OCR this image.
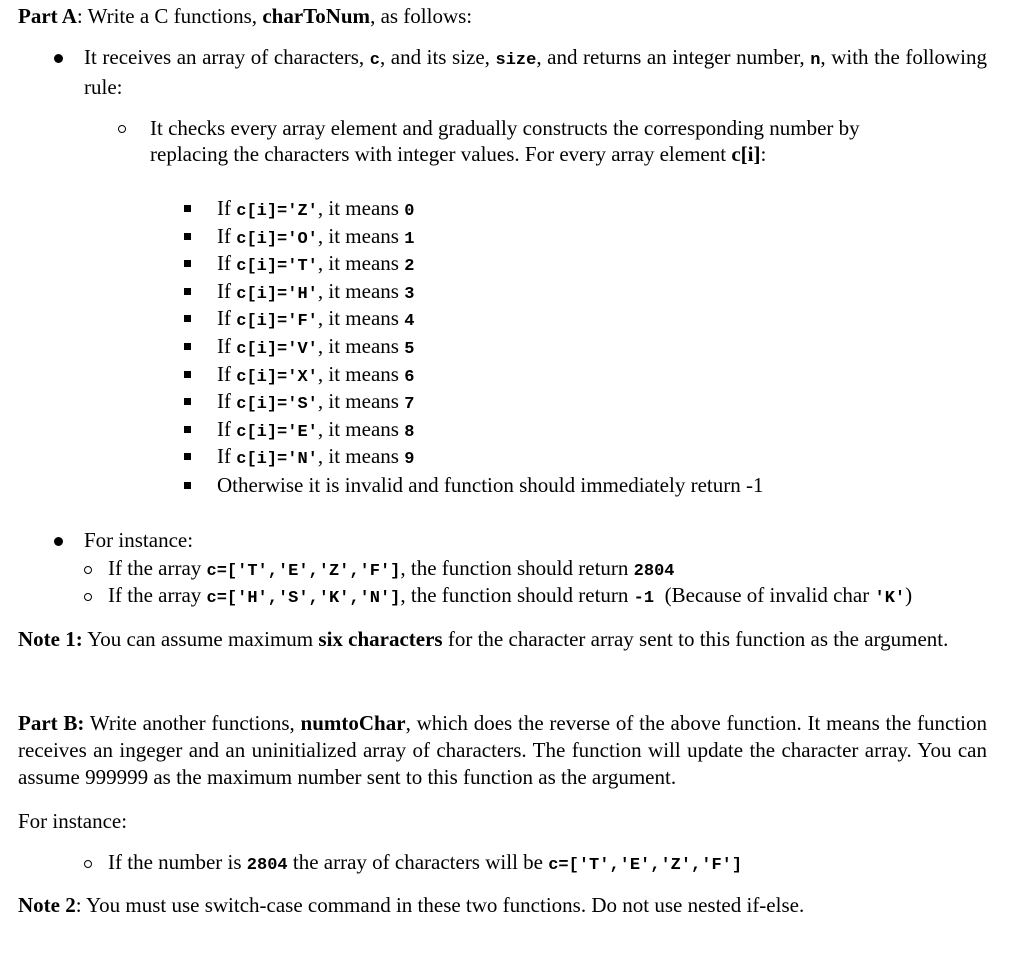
Part A: Write a C functions, charToNum, as follows:
It receives an array of characters, c, and its size, size, and returns an integer number, n, with the following rule:
It checks every array element and gradually constructs the corresponding number by
replacing the characters with integer values. For every array element c[i]:
If c[i]='Z', it means 0
If c[i]='O', it means 1
If c[i]='T', it means 2
If c[i]='H', it means 3
If c[i]='F', it means 4
If c[i]='V', it means 5
If c[i]='X', it means 6
If c[i]='S', it means 7
If c[i]='E', it means 8
If c[i]='N', it means 9
Otherwise it is invalid and function should immediately return -1
For instance:
If the array c=['T','E','Z','F'], the function should return 2804
If the array c=['H','S','K','N'], the function should return -1  (Because of invalid char 'K')
Note 1: You can assume maximum six characters for the character array sent to this function as the argument.
Part B: Write another functions, numtoChar, which does the reverse of the above function. It means the function receives an ingeger and an uninitialized array of characters. The function will update the character array. You can assume 999999 as the maximum number sent to this function as the argument.
For instance:
If the number is 2804 the array of characters will be c=['T','E','Z','F']
Note 2: You must use switch-case command in these two functions. Do not use nested if-else.
